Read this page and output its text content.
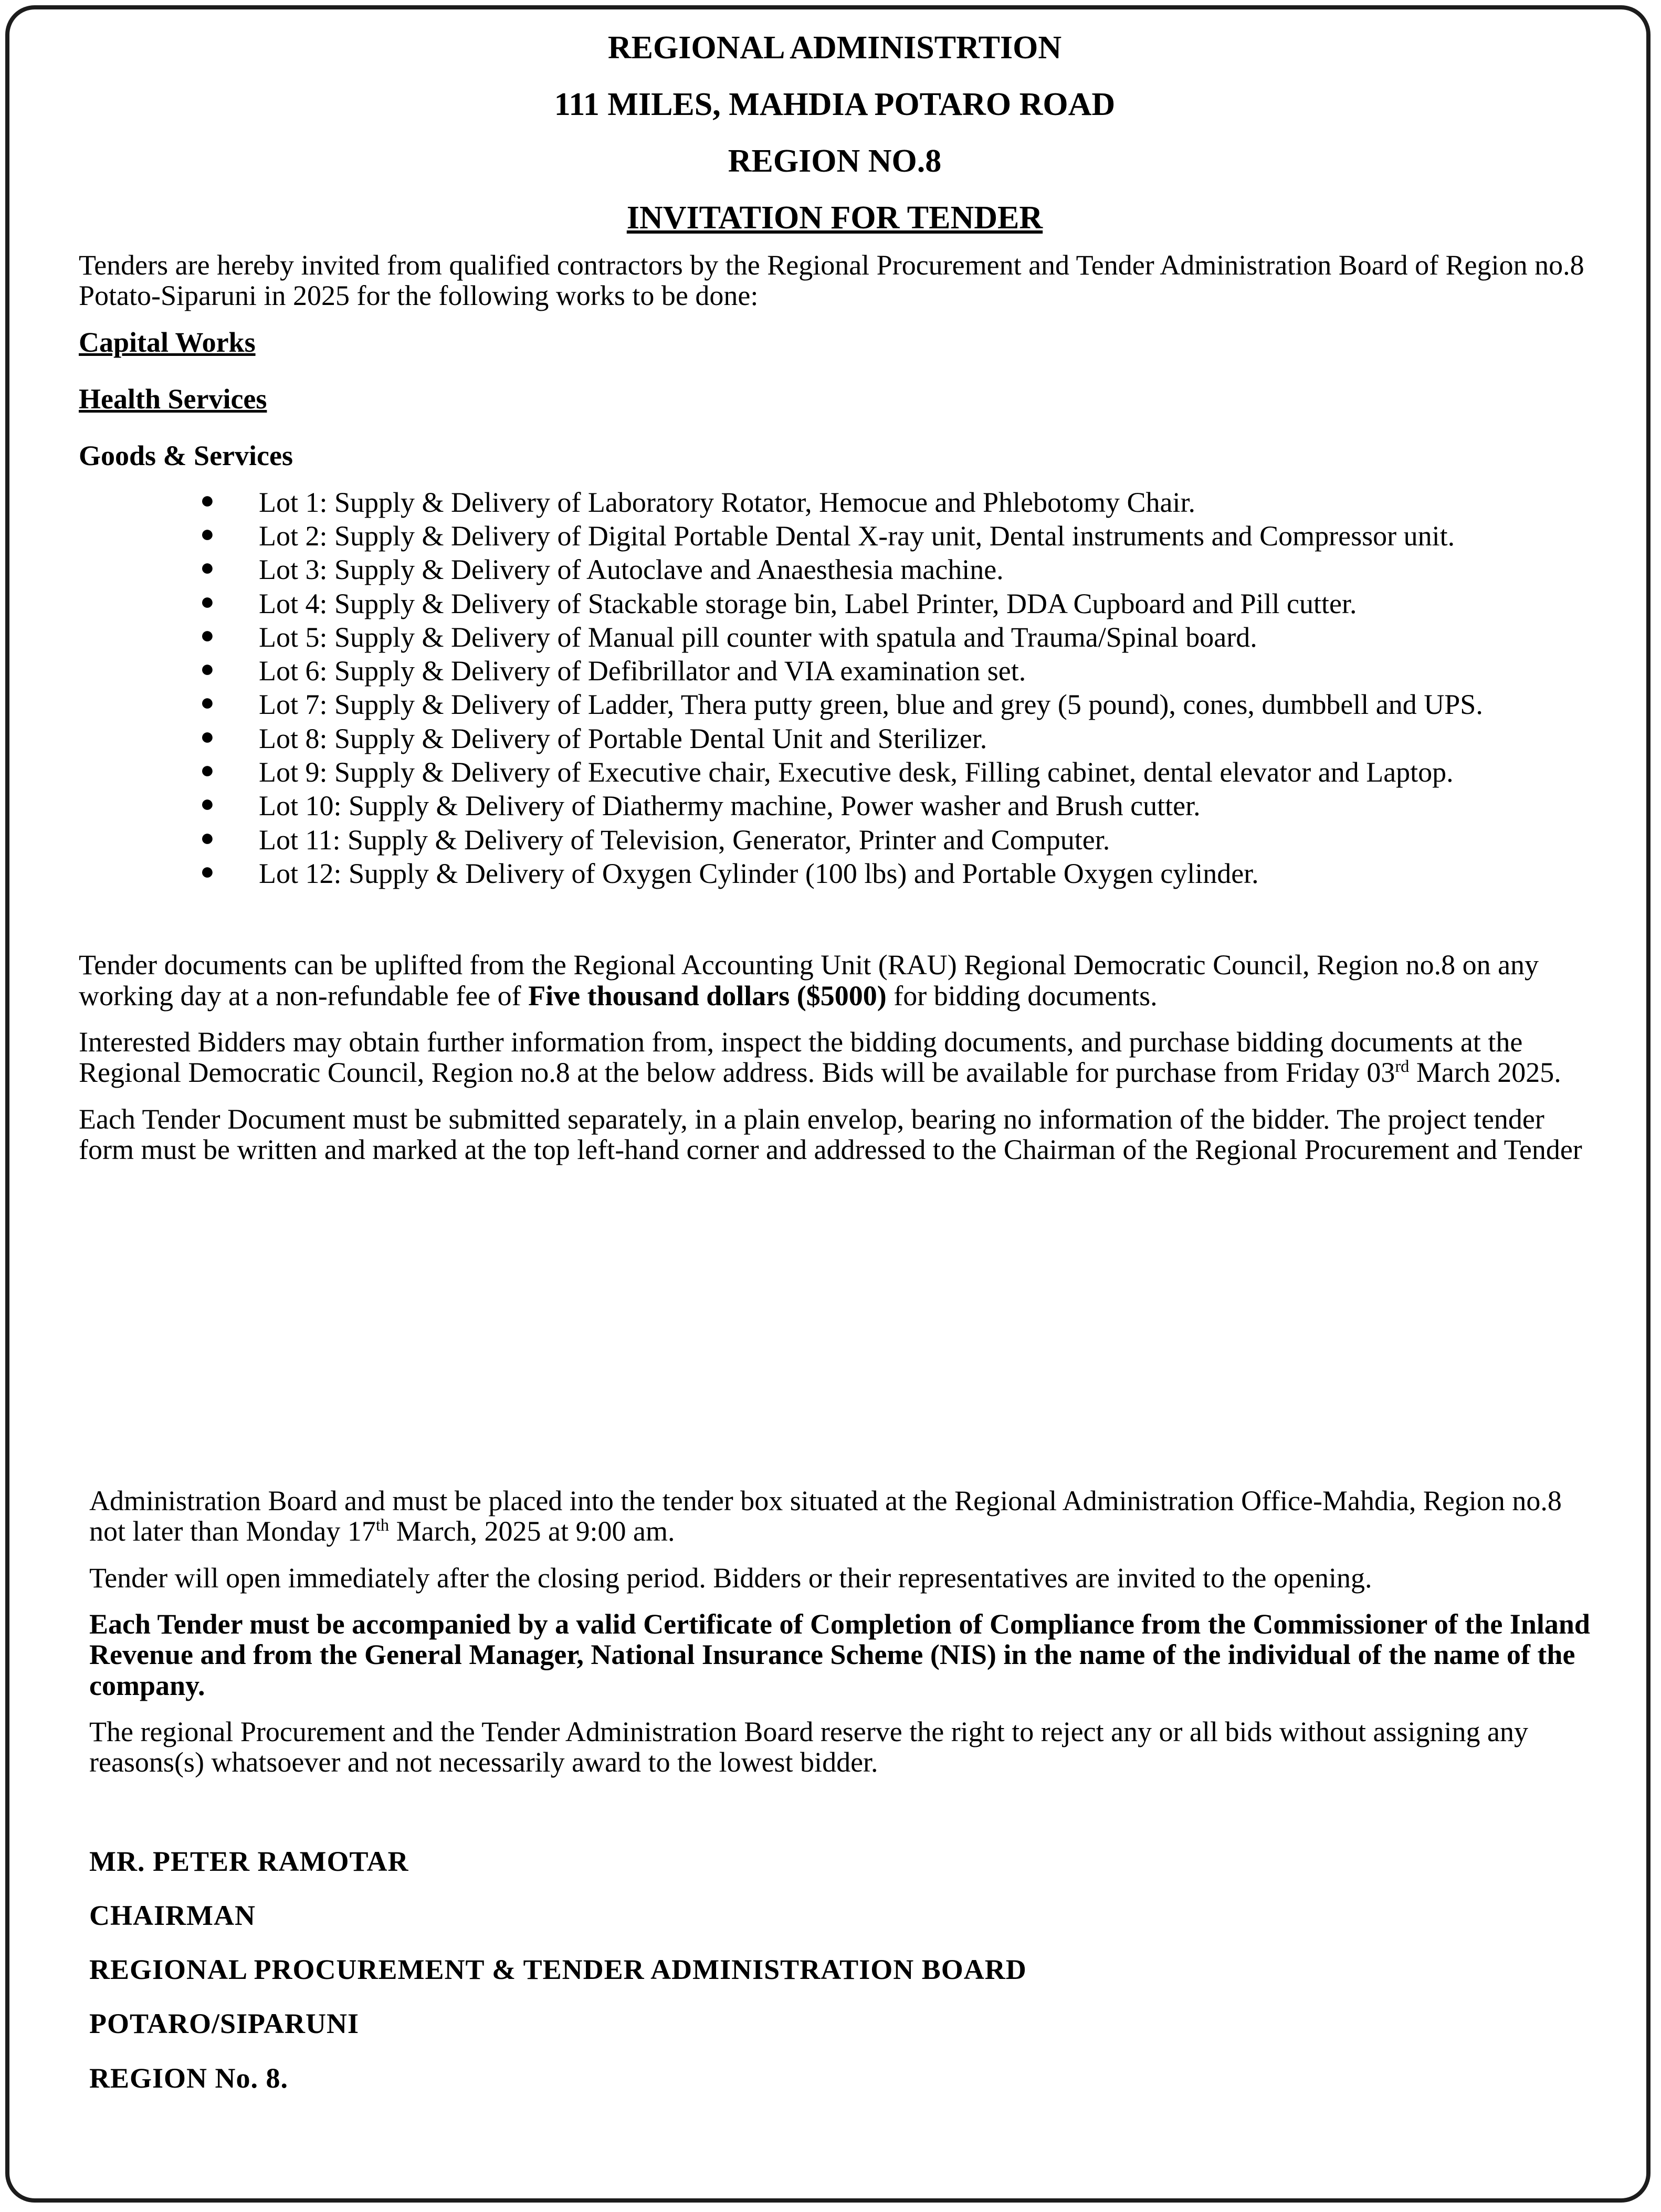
REGIONAL ADMINISTRTION
111 MILES, MAHDIA POTARO ROAD
REGION NO.8
INVITATION FOR TENDER

Tenders are hereby invited from qualified contractors by the Regional Procurement and Tender Administration Board of Region no.8 Potato-Siparuni in 2025 for the following works to be done:

Capital Works
Health Services
Goods & Services
● Lot 1: Supply & Delivery of Laboratory Rotator, Hemocue and Phlebotomy Chair.
● Lot 2: Supply & Delivery of Digital Portable Dental X-ray unit, Dental instruments and Compressor unit.
● Lot 3: Supply & Delivery of Autoclave and Anaesthesia machine.
● Lot 4: Supply & Delivery of Stackable storage bin, Label Printer, DDA Cupboard and Pill cutter.
● Lot 5: Supply & Delivery of Manual pill counter with spatula and Trauma/Spinal board.
● Lot 6: Supply & Delivery of Defibrillator and VIA examination set.
● Lot 7: Supply & Delivery of Ladder, Thera putty green, blue and grey (5 pound), cones, dumbbell and UPS.
● Lot 8: Supply & Delivery of Portable Dental Unit and Sterilizer.
● Lot 9: Supply & Delivery of Executive chair, Executive desk, Filling cabinet, dental elevator and Laptop.
● Lot 10: Supply & Delivery of Diathermy machine, Power washer and Brush cutter.
● Lot 11: Supply & Delivery of Television, Generator, Printer and Computer.
● Lot 12: Supply & Delivery of Oxygen Cylinder (100 lbs) and Portable Oxygen cylinder.

Tender documents can be uplifted from the Regional Accounting Unit (RAU) Regional Democratic Council, Region no.8 on any working day at a non-refundable fee of Five thousand dollars ($5000) for bidding documents.

Interested Bidders may obtain further information from, inspect the bidding documents, and purchase bidding documents at the Regional Democratic Council, Region no.8 at the below address. Bids will be available for purchase from Friday 03rd March 2025.

Each Tender Document must be submitted separately, in a plain envelop, bearing no information of the bidder. The project tender form must be written and marked at the top left-hand corner and addressed to the Chairman of the Regional Procurement and Tender

Administration Board and must be placed into the tender box situated at the Regional Administration Office-Mahdia, Region no.8 not later than Monday 17th March, 2025 at 9:00 am.

Tender will open immediately after the closing period. Bidders or their representatives are invited to the opening.

Each Tender must be accompanied by a valid Certificate of Completion of Compliance from the Commissioner of the Inland Revenue and from the General Manager, National Insurance Scheme (NIS) in the name of the individual of the name of the company.

The regional Procurement and the Tender Administration Board reserve the right to reject any or all bids without assigning any reasons(s) whatsoever and not necessarily award to the lowest bidder.

MR. PETER RAMOTAR
CHAIRMAN
REGIONAL PROCUREMENT & TENDER ADMINISTRATION BOARD
POTARO/SIPARUNI
REGION No. 8.
